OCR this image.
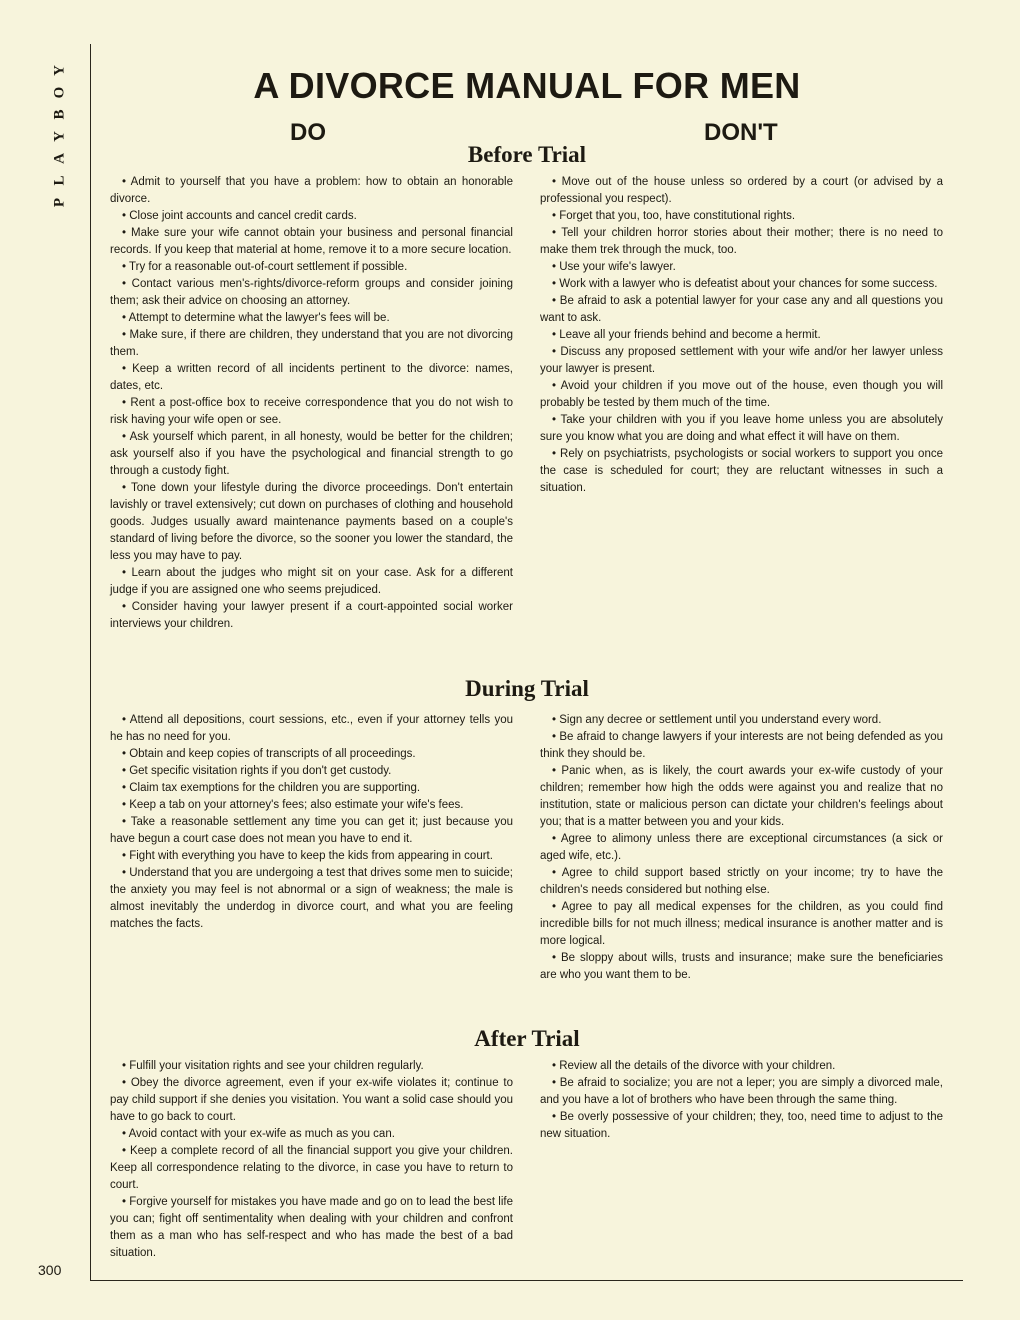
P
L
A
Y
B
O
Y
300
A DIVORCE MANUAL FOR MEN
DO	DON'T
Before Trial

• Admit to yourself that you have a problem: how to obtain an honorable divorce.

• Close joint accounts and cancel credit cards.

• Make sure your wife cannot obtain your business and personal financial records. If you keep that material at home, remove it to a more secure location.

• Try for a reasonable out-of-court settlement if possible.

• Contact various men's-rights/divorce-reform groups and consider joining them; ask their advice on choosing an attorney.

• Attempt to determine what the lawyer's fees will be.

• Make sure, if there are children, they understand that you are not divorcing them.

• Keep a written record of all incidents pertinent to the divorce: names, dates, etc.

• Rent a post-office box to receive correspondence that you do not wish to risk having your wife open or see.

• Ask yourself which parent, in all honesty, would be better for the children; ask yourself also if you have the psychological and financial strength to go through a custody fight.

• Tone down your lifestyle during the divorce proceedings. Don't entertain lavishly or travel extensively; cut down on purchases of clothing and household goods. Judges usually award maintenance payments based on a couple's standard of living before the divorce, so the sooner you lower the standard, the less you may have to pay.

• Learn about the judges who might sit on your case. Ask for a different judge if you are assigned one who seems prejudiced.

• Consider having your lawyer present if a court-appointed social worker interviews your children.

• Move out of the house unless so ordered by a court (or advised by a professional you respect).

• Forget that you, too, have constitutional rights.

• Tell your children horror stories about their mother; there is no need to make them trek through the muck, too.

• Use your wife's lawyer.

• Work with a lawyer who is defeatist about your chances for some success.

• Be afraid to ask a potential lawyer for your case any and all questions you want to ask.

• Leave all your friends behind and become a hermit.

• Discuss any proposed settlement with your wife and/or her lawyer unless your lawyer is present.

• Avoid your children if you move out of the house, even though you will probably be tested by them much of the time.

• Take your children with you if you leave home unless you are absolutely sure you know what you are doing and what effect it will have on them.

• Rely on psychiatrists, psychologists or social workers to support you once the case is scheduled for court; they are reluctant witnesses in such a situation.

During Trial

• Attend all depositions, court sessions, etc., even if your attorney tells you he has no need for you.

• Obtain and keep copies of transcripts of all proceedings.

• Get specific visitation rights if you don't get custody.

• Claim tax exemptions for the children you are supporting.

• Keep a tab on your attorney's fees; also estimate your wife's fees.

• Take a reasonable settlement any time you can get it; just because you have begun a court case does not mean you have to end it.

• Fight with everything you have to keep the kids from appearing in court.

• Understand that you are undergoing a test that drives some men to suicide; the anxiety you may feel is not abnormal or a sign of weakness; the male is almost inevitably the underdog in divorce court, and what you are feeling matches the facts.

• Sign any decree or settlement until you understand every word.

• Be afraid to change lawyers if your interests are not being defended as you think they should be.

• Panic when, as is likely, the court awards your ex-wife custody of your children; remember how high the odds were against you and realize that no institution, state or malicious person can dictate your children's feelings about you; that is a matter between you and your kids.

• Agree to alimony unless there are exceptional circumstances (a sick or aged wife, etc.).

• Agree to child support based strictly on your income; try to have the children's needs considered but nothing else.

• Agree to pay all medical expenses for the children, as you could find incredible bills for not much illness; medical insurance is another matter and is more logical.

• Be sloppy about wills, trusts and insurance; make sure the beneficiaries are who you want them to be.

After Trial

• Fulfill your visitation rights and see your children regularly.

• Obey the divorce agreement, even if your ex-wife violates it; continue to pay child support if she denies you visitation. You want a solid case should you have to go back to court.

• Avoid contact with your ex-wife as much as you can.

• Keep a complete record of all the financial support you give your children. Keep all correspondence relating to the divorce, in case you have to return to court.

• Forgive yourself for mistakes you have made and go on to lead the best life you can; fight off sentimentality when dealing with your children and confront them as a man who has self-respect and who has made the best of a bad situation.

• Review all the details of the divorce with your children.

• Be afraid to socialize; you are not a leper; you are simply a divorced male, and you have a lot of brothers who have been through the same thing.

• Be overly possessive of your children; they, too, need time to adjust to the new situation.
